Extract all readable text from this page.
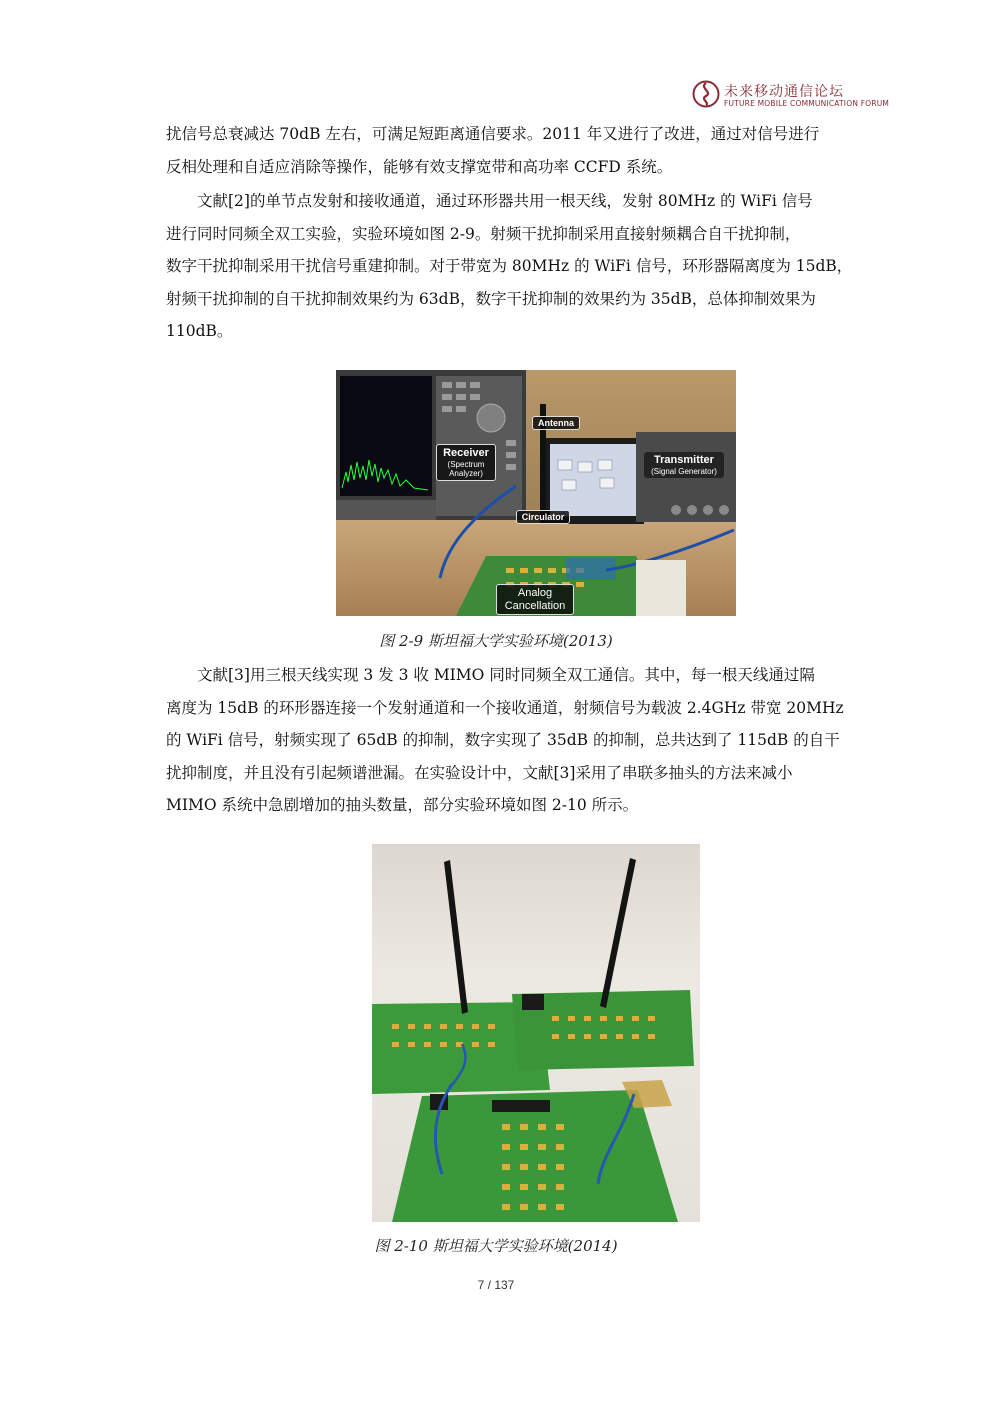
未来移动通信论坛
FUTURE MOBILE COMMUNICATION FORUM
扰信号总衰减达 70dB 左右，可满足短距离通信要求。2011 年又进行了改进，通过对信号进行
反相处理和自适应消除等操作，能够有效支撑宽带和高功率 CCFD 系统。
　　文献[2]的单节点发射和接收通道，通过环形器共用一根天线，发射 80MHz 的 WiFi 信号
进行同时同频全双工实验，实验环境如图 2-9。射频干扰抑制采用直接射频耦合自干扰抑制，
数字干扰抑制采用干扰信号重建抑制。对于带宽为 80MHz 的 WiFi 信号，环形器隔离度为 15dB，
射频干扰抑制的自干扰抑制效果约为 63dB，数字干扰抑制的效果约为 35dB，总体抑制效果为
110dB。
Antenna
Receiver
(Spectrum Analyzer)
Transmitter
(Signal Generator)
Circulator
Analog Cancellation
图 2-9 斯坦福大学实验环境(2013)
　　文献[3]用三根天线实现 3 发 3 收 MIMO 同时同频全双工通信。其中，每一根天线通过隔
离度为 15dB 的环形器连接一个发射通道和一个接收通道，射频信号为载波 2.4GHz 带宽 20MHz
的 WiFi 信号，射频实现了 65dB 的抑制，数字实现了 35dB 的抑制，总共达到了 115dB 的自干
扰抑制度，并且没有引起频谱泄漏。在实验设计中，文献[3]采用了串联多抽头的方法来减小
MIMO 系统中急剧增加的抽头数量，部分实验环境如图 2-10 所示。
图 2-10 斯坦福大学实验环境(2014)
7 / 137
